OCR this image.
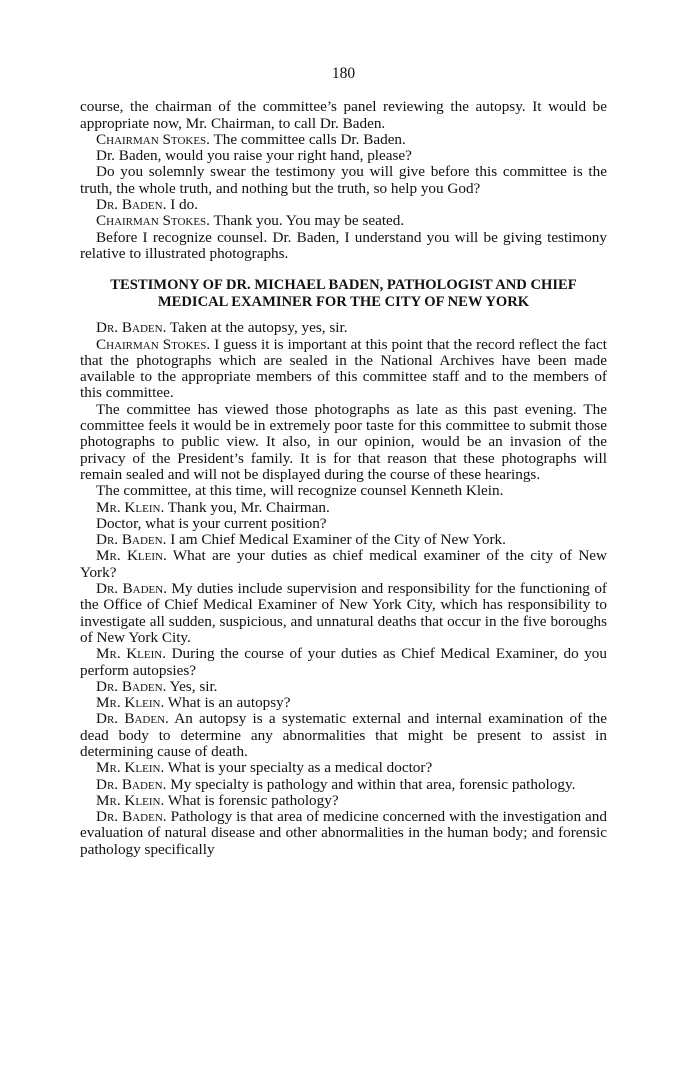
180

course, the chairman of the committee’s panel reviewing the autopsy. It would be appropriate now, Mr. Chairman, to call Dr. Baden.

Chairman Stokes. The committee calls Dr. Baden.

Dr. Baden, would you raise your right hand, please?

Do you solemnly swear the testimony you will give before this committee is the truth, the whole truth, and nothing but the truth, so help you God?

Dr. Baden. I do.

Chairman Stokes. Thank you. You may be seated.

Before I recognize counsel. Dr. Baden, I understand you will be giving testimony relative to illustrated photographs.

TESTIMONY OF DR. MICHAEL BADEN, PATHOLOGIST AND CHIEF MEDICAL EXAMINER FOR THE CITY OF NEW YORK

Dr. Baden. Taken at the autopsy, yes, sir.

Chairman Stokes. I guess it is important at this point that the record reflect the fact that the photographs which are sealed in the National Archives have been made available to the appropriate members of this committee staff and to the members of this committee.

The committee has viewed those photographs as late as this past evening. The committee feels it would be in extremely poor taste for this committee to submit those photographs to public view. It also, in our opinion, would be an invasion of the privacy of the President’s family. It is for that reason that these photographs will remain sealed and will not be displayed during the course of these hearings.

The committee, at this time, will recognize counsel Kenneth Klein.

Mr. Klein. Thank you, Mr. Chairman.

Doctor, what is your current position?

Dr. Baden. I am Chief Medical Examiner of the City of New York.

Mr. Klein. What are your duties as chief medical examiner of the city of New York?

Dr. Baden. My duties include supervision and responsibility for the functioning of the Office of Chief Medical Examiner of New York City, which has responsibility to investigate all sudden, suspicious, and unnatural deaths that occur in the five boroughs of New York City.

Mr. Klein. During the course of your duties as Chief Medical Examiner, do you perform autopsies?

Dr. Baden. Yes, sir.

Mr. Klein. What is an autopsy?

Dr. Baden. An autopsy is a systematic external and internal examination of the dead body to determine any abnormalities that might be present to assist in determining cause of death.

Mr. Klein. What is your specialty as a medical doctor?

Dr. Baden. My specialty is pathology and within that area, forensic pathology.

Mr. Klein. What is forensic pathology?

Dr. Baden. Pathology is that area of medicine concerned with the investigation and evaluation of natural disease and other abnormalities in the human body; and forensic pathology specifically
